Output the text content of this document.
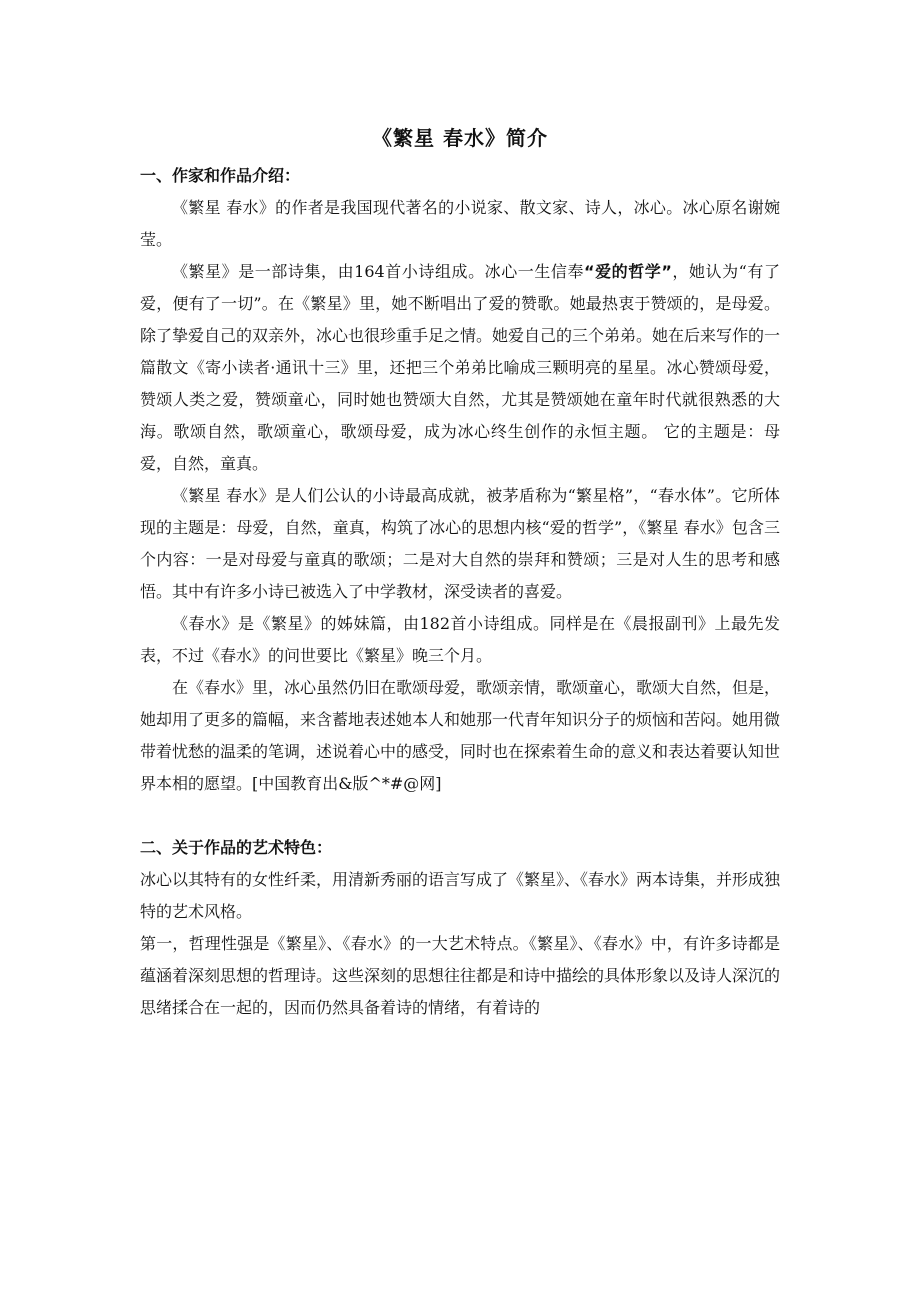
《繁星 春水》简介
一、作家和作品介绍：

《繁星 春水》的作者是我国现代著名的小说家、散文家、诗人，冰心。冰心原名谢婉莹。

《繁星》是一部诗集，由164首小诗组成。冰心一生信奉“爱的哲学”，她认为“有了爱，便有了一切”。在《繁星》里，她不断唱出了爱的赞歌。她最热衷于赞颂的，是母爱。除了挚爱自己的双亲外，冰心也很珍重手足之情。她爱自己的三个弟弟。她在后来写作的一篇散文《寄小读者·通讯十三》里，还把三个弟弟比喻成三颗明亮的星星。冰心赞颂母爱，赞颂人类之爱，赞颂童心，同时她也赞颂大自然，尤其是赞颂她在童年时代就很熟悉的大海。歌颂自然，歌颂童心，歌颂母爱，成为冰心终生创作的永恒主题。 它的主题是：母爱，自然，童真。

《繁星 春水》是人们公认的小诗最高成就，被茅盾称为“繁星格”，“春水体”。它所体现的主题是：母爱，自然，童真，构筑了冰心的思想内核“爱的哲学”，《繁星 春水》包含三个内容：一是对母爱与童真的歌颂；二是对大自然的崇拜和赞颂；三是对人生的思考和感悟。其中有许多小诗已被选入了中学教材，深受读者的喜爱。

《春水》是《繁星》的姊妹篇，由182首小诗组成。同样是在《晨报副刊》上最先发表，不过《春水》的问世要比《繁星》晚三个月。

在《春水》里，冰心虽然仍旧在歌颂母爱，歌颂亲情，歌颂童心，歌颂大自然，但是，她却用了更多的篇幅，来含蓄地表述她本人和她那一代青年知识分子的烦恼和苦闷。她用微带着忧愁的温柔的笔调，述说着心中的感受，同时也在探索着生命的意义和表达着要认知世界本相的愿望。[中国教育出&版^*#@网]

二、关于作品的艺术特色：

冰心以其特有的女性纤柔，用清新秀丽的语言写成了《繁星》、《春水》两本诗集，并形成独特的艺术风格。

第一，哲理性强是《繁星》、《春水》的一大艺术特点。《繁星》、《春水》中，有许多诗都是蕴涵着深刻思想的哲理诗。这些深刻的思想往往都是和诗中描绘的具体形象以及诗人深沉的思绪揉合在一起的，因而仍然具备着诗的情绪，有着诗的
